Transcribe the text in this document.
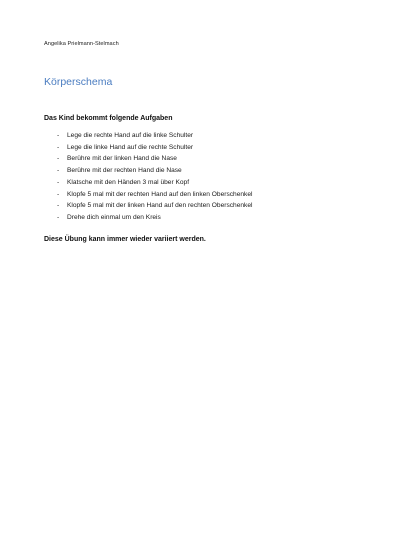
Angelika Prielmann-Stelmach
Körperschema
Das Kind bekommt folgende Aufgaben
- Lege die rechte Hand auf die linke Schulter
- Lege die linke Hand auf die rechte Schulter
- Berühre mit der linken Hand die Nase
- Berühre mit der rechten Hand die Nase
- Klatsche mit den Händen 3 mal über Kopf
- Klopfe 5 mal mit der rechten Hand auf den linken Oberschenkel
- Klopfe 5 mal mit der linken Hand auf den rechten Oberschenkel
- Drehe dich einmal um den Kreis
Diese Übung kann immer wieder variiert werden.
